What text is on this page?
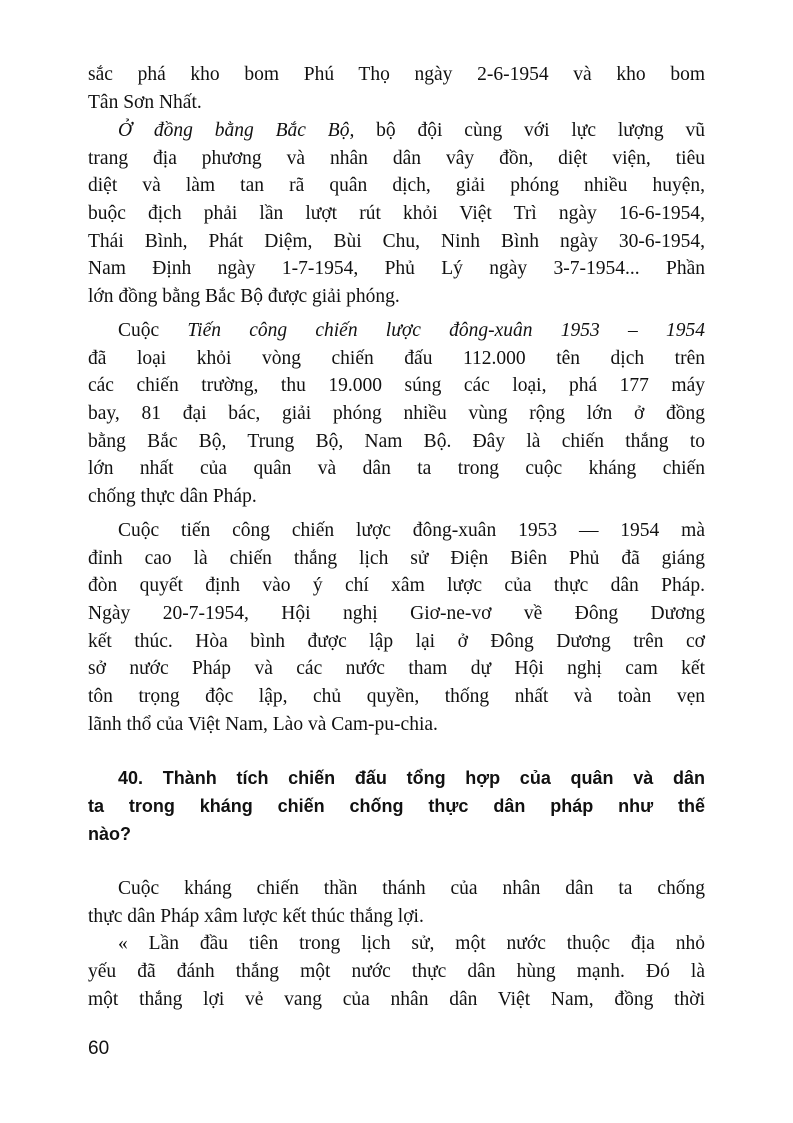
sắc phá kho bom Phú Thọ ngày 2-6-1954 và kho bom
Tân Sơn Nhất.
Ở đồng bằng Bắc Bộ, bộ đội cùng với lực lượng vũ
trang địa phương và nhân dân vây đồn, diệt viện, tiêu
diệt và làm tan rã quân dịch, giải phóng nhiều huyện,
buộc địch phải lần lượt rút khỏi Việt Trì ngày 16-6-1954,
Thái Bình, Phát Diệm, Bùi Chu, Ninh Bình ngày 30-6-1954,
Nam Định ngày 1-7-1954, Phủ Lý ngày 3-7-1954... Phần
lớn đồng bằng Bắc Bộ được giải phóng.
Cuộc Tiến công chiến lược đông-xuân 1953 – 1954
đã loại khỏi vòng chiến đấu 112.000 tên dịch trên
các chiến trường, thu 19.000 súng các loại, phá 177 máy
bay, 81 đại bác, giải phóng nhiều vùng rộng lớn ở đồng
bằng Bắc Bộ, Trung Bộ, Nam Bộ. Đây là chiến thắng to
lớn nhất của quân và dân ta trong cuộc kháng chiến
chống thực dân Pháp.
Cuộc tiến công chiến lược đông-xuân 1953 — 1954 mà
đỉnh cao là chiến thắng lịch sử Điện Biên Phủ đã giáng
đòn quyết định vào ý chí xâm lược của thực dân Pháp.
Ngày 20-7-1954, Hội nghị Giơ-ne-vơ về Đông Dương
kết thúc. Hòa bình được lập lại ở Đông Dương trên cơ
sở nước Pháp và các nước tham dự Hội nghị cam kết
tôn trọng độc lập, chủ quyền, thống nhất và toàn vẹn
lãnh thổ của Việt Nam, Lào và Cam-pu-chia.
40. Thành tích chiến đấu tổng hợp của quân và dân
ta trong kháng chiến chống thực dân pháp như thế
nào?
Cuộc kháng chiến thần thánh của nhân dân ta chống
thực dân Pháp xâm lược kết thúc thắng lợi.
« Lần đầu tiên trong lịch sử, một nước thuộc địa nhỏ
yếu đã đánh thắng một nước thực dân hùng mạnh. Đó là
một thắng lợi vẻ vang của nhân dân Việt Nam, đồng thời
60
